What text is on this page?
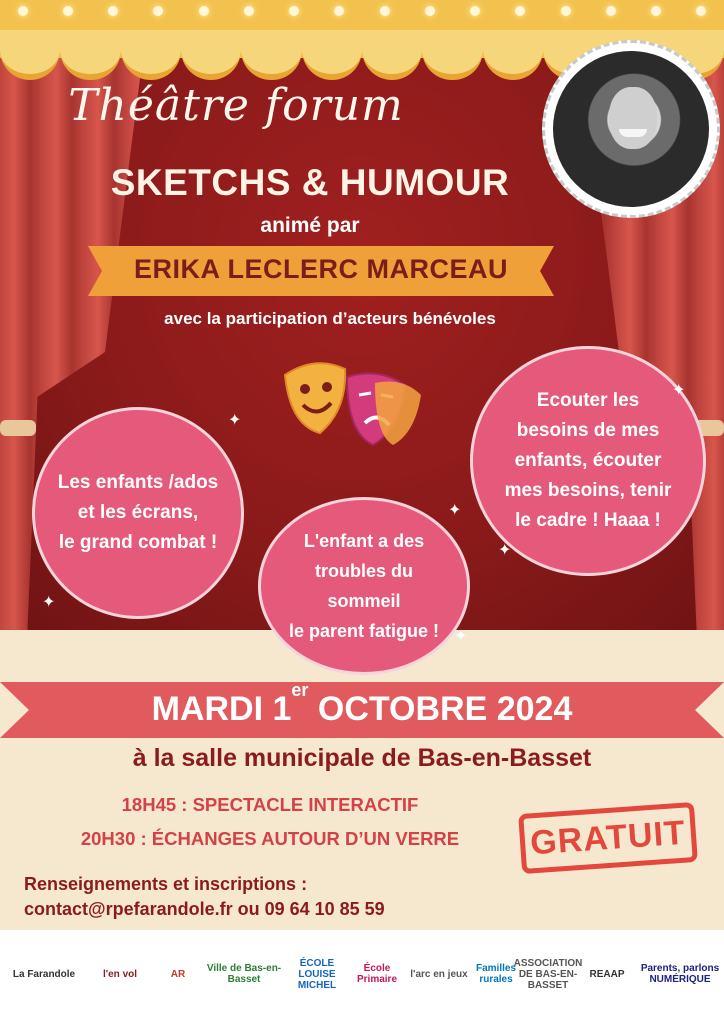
Théâtre forum
SKETCHS & HUMOUR
animé par
ERIKA LECLERC MARCEAU
avec la participation d’acteurs bénévoles
Les enfants /ados
et les écrans,
le grand combat !	L'enfant a des
troubles du sommeil
le parent fatigue !
Ecouter les
besoins de mes
enfants, écouter
mes besoins, tenir
le cadre ! Haaa !
✦
✦
✦
✦
✦
✦
MARDI 1er OCTOBRE 2024
à la salle municipale de Bas-en-Basset
18H45 : SPECTACLE INTERACTIF
20H30 : ÉCHANGES AUTOUR D’UN VERRE	GRATUIT
Renseignements et inscriptions :
contact@rpefarandole.fr ou 09 64 10 85 59
La Farandole	l'en vol	AR	Ville de Bas-en-Basset
ÉCOLE LOUISE MICHEL
École Primaire	l'arc en jeux Familles rurales
ASSOCIATION DE BAS-EN-BASSET
REAAP	Parents, parlons NUMÉRIQUE
